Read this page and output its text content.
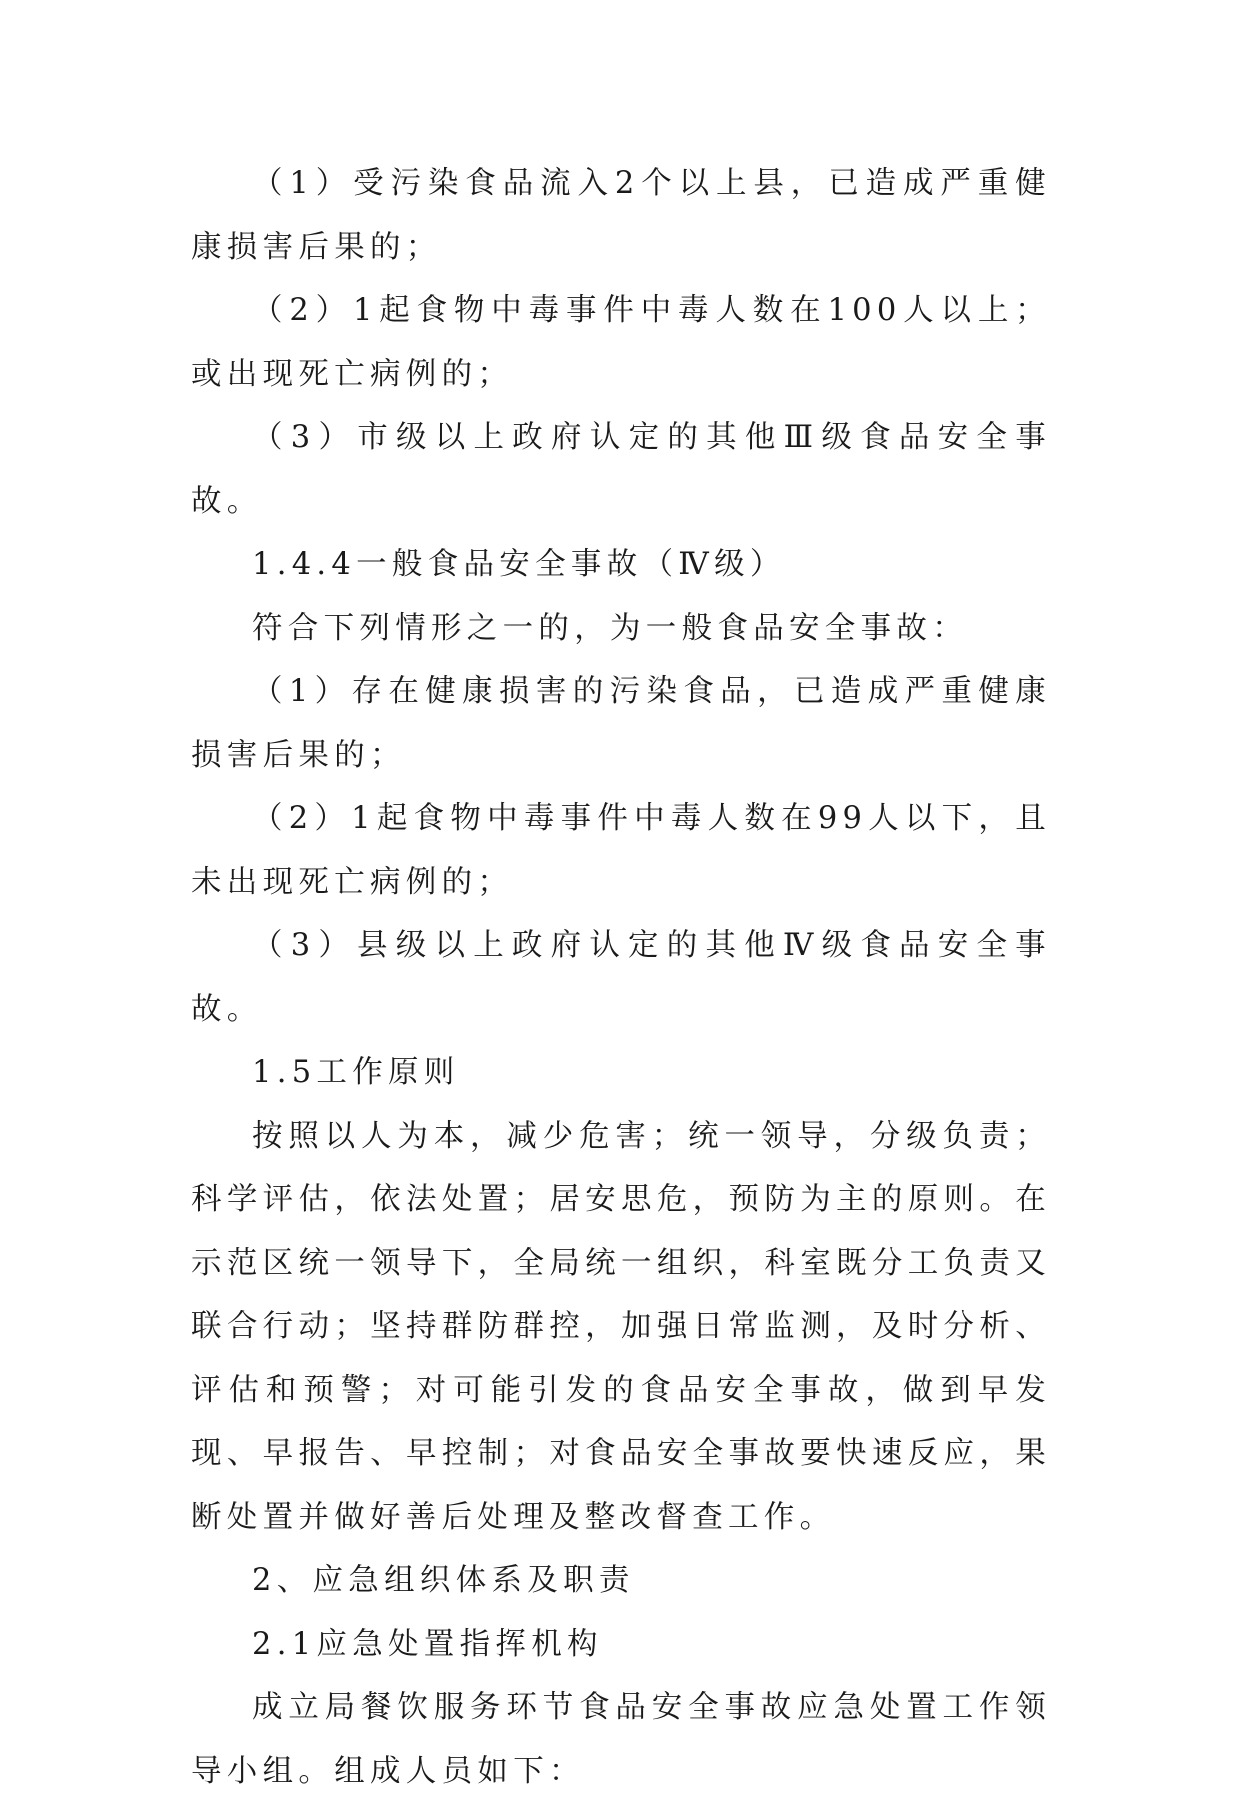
（1）受污染食品流入2个以上县，已造成严重健康损害后果的；

（2）1起食物中毒事件中毒人数在100人以上；或出现死亡病例的；

（3）市级以上政府认定的其他Ⅲ级食品安全事故。

1.4.4一般食品安全事故（Ⅳ级）

符合下列情形之一的，为一般食品安全事故：

（1）存在健康损害的污染食品，已造成严重健康损害后果的；

（2）1起食物中毒事件中毒人数在99人以下，且未出现死亡病例的；

（3）县级以上政府认定的其他Ⅳ级食品安全事故。

1.5工作原则

按照以人为本，减少危害；统一领导，分级负责；科学评估，依法处置；居安思危，预防为主的原则。在示范区统一领导下，全局统一组织，科室既分工负责又联合行动；坚持群防群控，加强日常监测，及时分析、评估和预警；对可能引发的食品安全事故，做到早发现、早报告、早控制；对食品安全事故要快速反应，果断处置并做好善后处理及整改督查工作。

2、应急组织体系及职责

2.1应急处置指挥机构

成立局餐饮服务环节食品安全事故应急处置工作领导小组。组成人员如下：
